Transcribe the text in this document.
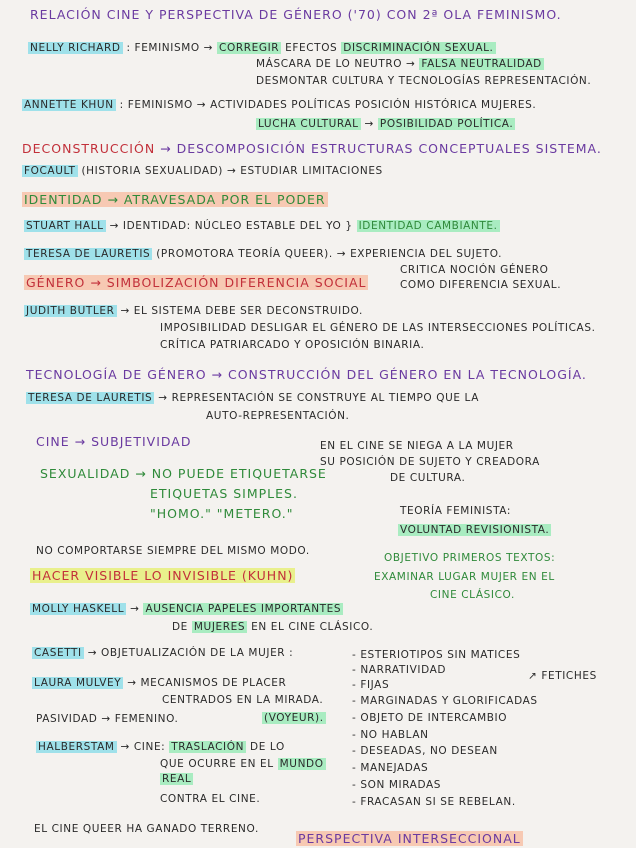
RELACIÓN CINE Y PERSPECTIVA DE GÉNERO ('70) CON 2ª OLA FEMINISMO.
NELLY RICHARD : FEMINISMO → CORREGIR EFECTOS DISCRIMINACIÓN SEXUAL.
MÁSCARA DE LO NEUTRO → FALSA NEUTRALIDAD
DESMONTAR CULTURA Y TECNOLOGÍAS REPRESENTACIÓN.
ANNETTE KHUN : FEMINISMO → ACTIVIDADES POLÍTICAS POSICIÓN HISTÓRICA MUJERES.
LUCHA CULTURAL → POSIBILIDAD POLÍTICA.
DECONSTRUCCIÓN → DESCOMPOSICIÓN ESTRUCTURAS CONCEPTUALES SISTEMA.
FOCAULT (HISTORIA SEXUALIDAD) → ESTUDIAR LIMITACIONES
IDENTIDAD → ATRAVESADA POR EL PODER
STUART HALL → IDENTIDAD: NÚCLEO ESTABLE DEL YO } IDENTIDAD CAMBIANTE.
TERESA DE LAURETIS (PROMOTORA TEORÍA QUEER). → EXPERIENCIA DEL SUJETO.
CRITICA NOCIÓN GÉNERO
COMO DIFERENCIA SEXUAL.
GÉNERO → SIMBOLIZACIÓN DIFERENCIA SOCIAL
JUDITH BUTLER → EL SISTEMA DEBE SER DECONSTRUIDO.
IMPOSIBILIDAD DESLIGAR EL GÉNERO DE LAS INTERSECCIONES POLÍTICAS.
CRÍTICA PATRIARCADO Y OPOSICIÓN BINARIA.
TECNOLOGÍA DE GÉNERO → CONSTRUCCIÓN DEL GÉNERO EN LA TECNOLOGÍA.
TERESA DE LAURETIS → REPRESENTACIÓN SE CONSTRUYE AL TIEMPO QUE LA
AUTO-REPRESENTACIÓN.
CINE → SUBJETIVIDAD	EN EL CINE SE NIEGA A LA MUJER
SU POSICIÓN DE SUJETO Y CREADORA
DE CULTURA.
SEXUALIDAD → NO PUEDE ETIQUETARSE
ETIQUETAS SIMPLES.
"HOMO." "METERO."	TEORÍA FEMINISTA:
VOLUNTAD REVISIONISTA.
NO COMPORTARSE SIEMPRE DEL MISMO MODO.
HACER VISIBLE LO INVISIBLE (KUHN)
OBJETIVO PRIMEROS TEXTOS:
EXAMINAR LUGAR MUJER EN EL
CINE CLÁSICO.
MOLLY HASKELL → AUSENCIA PAPELES IMPORTANTES
DE MUJERES EN EL CINE CLÁSICO.
CASETTI → OBJETUALIZACIÓN DE LA MUJER :
LAURA MULVEY → MECANISMOS DE PLACER
CENTRADOS EN LA MIRADA.
(VOYEUR).
PASIVIDAD → FEMENINO.
HALBERSTAM → CINE: TRASLACIÓN DE LO
QUE OCURRE EN EL MUNDO
REAL
CONTRA EL CINE.
- ESTERIOTIPOS SIN MATICES
- NARRATIVIDAD
- FIJAS
↗ FETICHES
- MARGINADAS Y GLORIFICADAS
- OBJETO DE INTERCAMBIO
- NO HABLAN
- DESEADAS, NO DESEAN
- MANEJADAS
- SON MIRADAS
- FRACASAN SI SE REBELAN.
EL CINE QUEER HA GANADO TERRENO.
PERSPECTIVA INTERSECCIONAL
